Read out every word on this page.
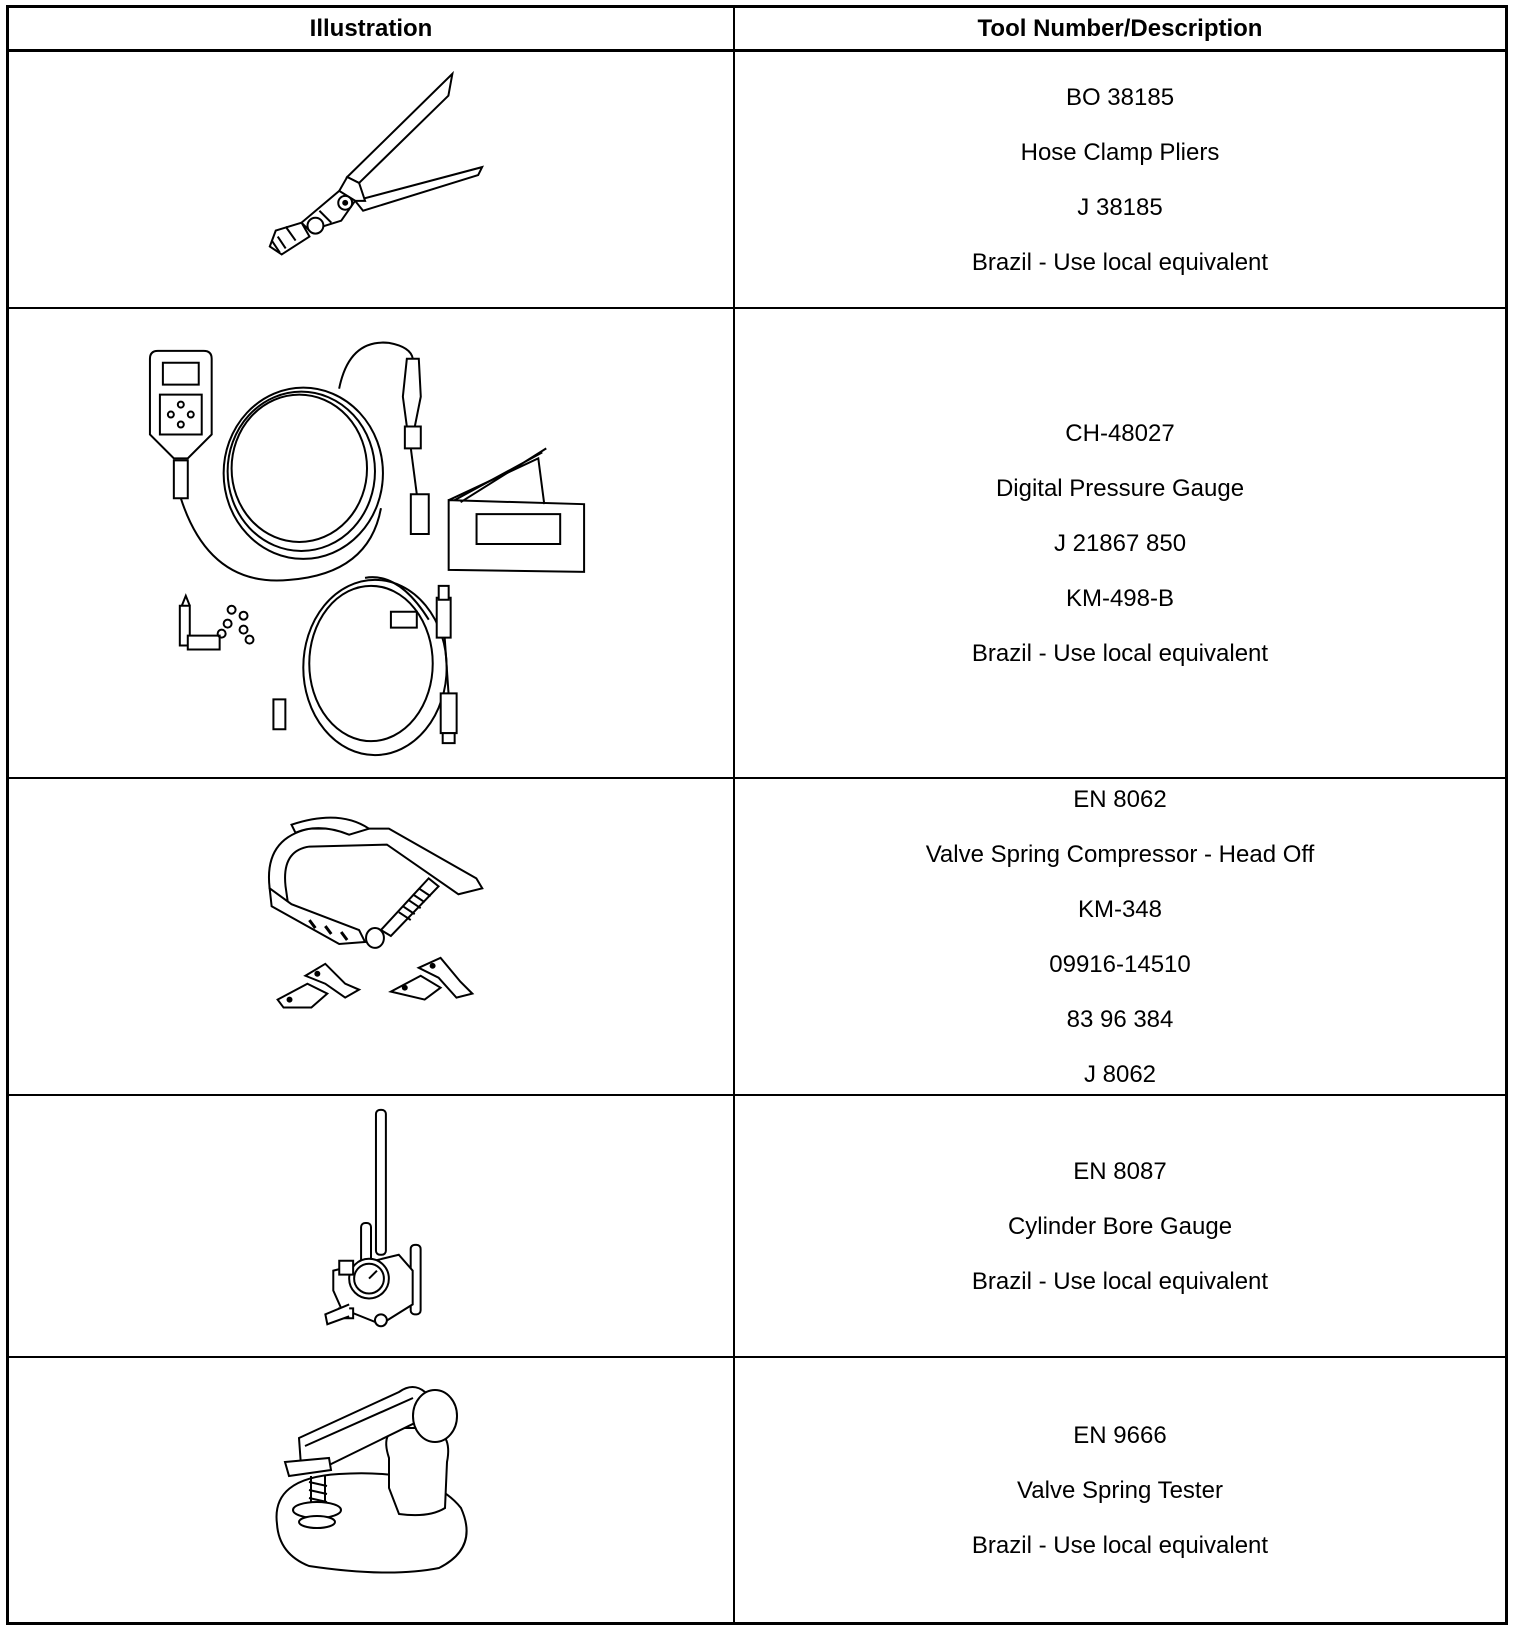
Illustration	Tool Number/Description
BO 38185
Hose Clamp Pliers
J 38185
Brazil - Use local equivalent
CH-48027
Digital Pressure Gauge
J 21867 850
KM-498-B
Brazil - Use local equivalent
EN 8062
Valve Spring Compressor - Head Off
KM-348
09916-14510
83 96 384
J 8062
EN 8087
Cylinder Bore Gauge
Brazil - Use local equivalent
EN 9666
Valve Spring Tester
Brazil - Use local equivalent
